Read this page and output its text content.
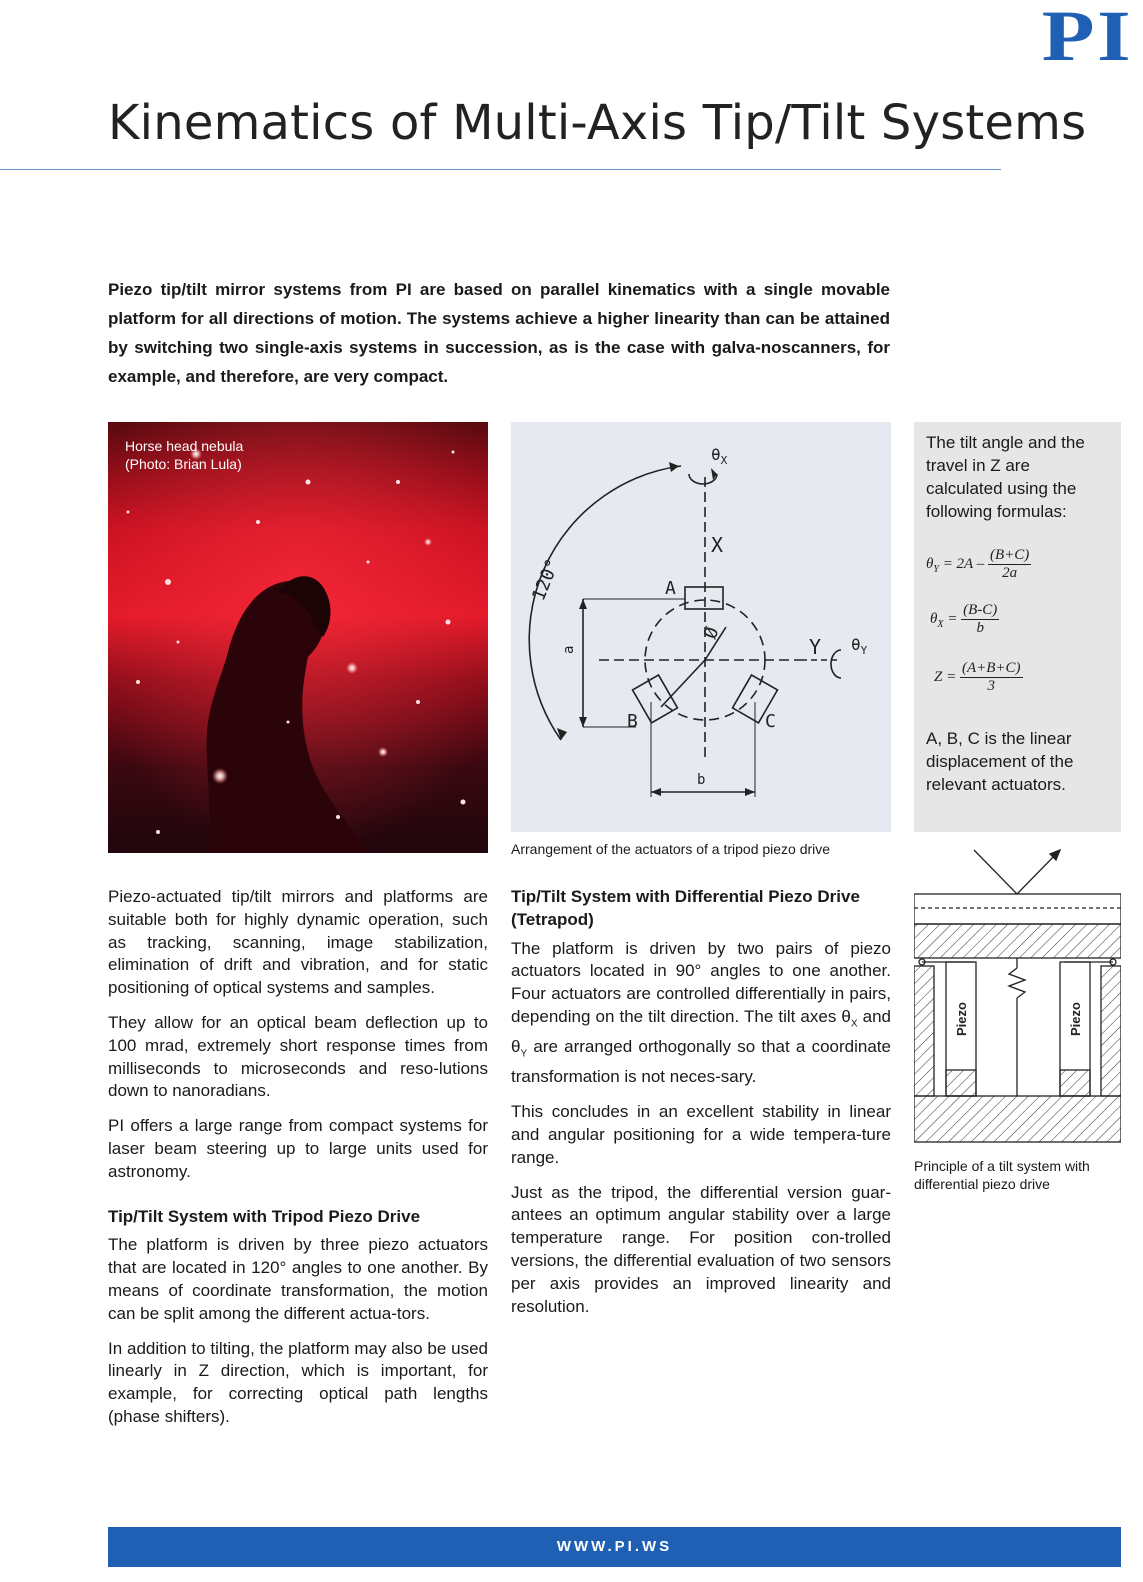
PI
Kinematics of Multi-Axis Tip/Tilt Systems

Piezo tip/tilt mirror systems from PI are based on parallel kinematics with a single movable platform for all directions of motion. The systems achieve a higher linearity than can be attained by switching two single-axis systems in succession, as is the case with galva-noscanners, for example, and therefore, are very compact.

Horse head nebula
(Photo: Brian Lula)	$\theta_X$
X
Y $\theta_Y$
A
B	C
120°
a
b
Ø
Arrangement of the actuators of a tripod piezo drive

The tilt angle and the travel in Z are calculated using the following formulas:

$\theta_Y = 2A - \frac{(B+C)}{2a}$
$\theta_X = \frac{(B-C)}{b}$
$Z = \frac{(A+B+C)}{3}$

A, B, C is the linear displacement of the relevant actuators.

Piezo	Piezo

Principle of a tilt system with differential piezo drive

Piezo-actuated tip/tilt mirrors and platforms are suitable both for highly dynamic operation, such as tracking, scanning, image stabilization, elimination of drift and vibration, and for static positioning of optical systems and samples.

They allow for an optical beam deflection up to 100 mrad, extremely short response times from milliseconds to microseconds and reso-lutions down to nanoradians.

PI offers a large range from compact systems for laser beam steering up to large units used for astronomy.

Tip/Tilt System with Tripod Piezo Drive

The platform is driven by three piezo actuators that are located in 120° angles to one another. By means of coordinate transformation, the motion can be split among the different actua-tors.

In addition to tilting, the platform may also be used linearly in Z direction, which is important, for example, for correcting optical path lengths (phase shifters).

Tip/Tilt System with Differential Piezo Drive (Tetrapod)

The platform is driven by two pairs of piezo actuators located in 90° angles to one another. Four actuators are controlled differentially in pairs, depending on the tilt direction. The tilt axes $\theta_X$ and $\theta_Y$ are arranged orthogonally so that a coordinate transformation is not neces-sary.

This concludes in an excellent stability in linear and angular positioning for a wide tempera-ture range.

Just as the tripod, the differential version guar-antees an optimum angular stability over a large temperature range. For position con-trolled versions, the differential evaluation of two sensors per axis provides an improved linearity and resolution.

WWW.PI.WS
